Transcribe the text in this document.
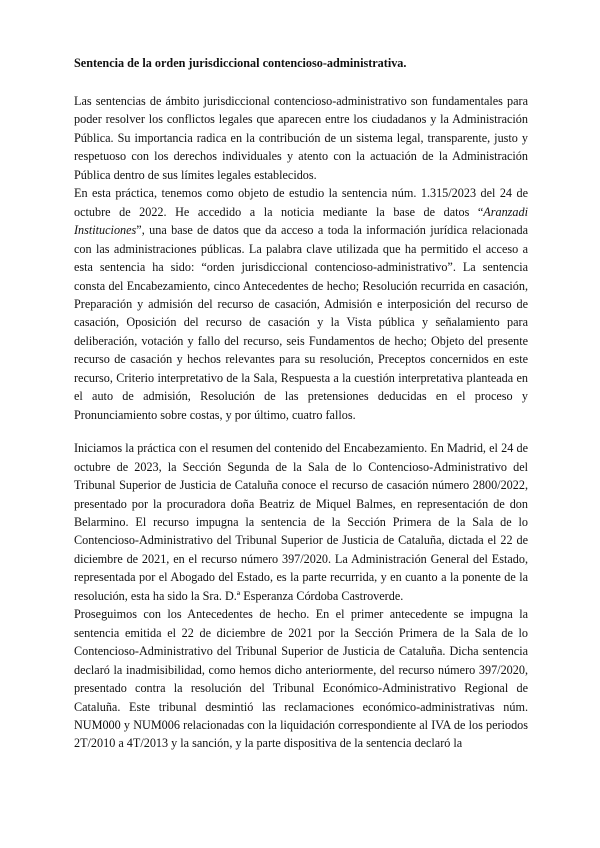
Sentencia de la orden jurisdiccional contencioso-administrativa.

Las sentencias de ámbito jurisdiccional contencioso-administrativo son fundamentales para poder resolver los conflictos legales que aparecen entre los ciudadanos y la Administración Pública. Su importancia radica en la contribución de un sistema legal, transparente, justo y respetuoso con los derechos individuales y atento con la actuación de la Administración Pública dentro de sus límites legales establecidos.

En esta práctica, tenemos como objeto de estudio la sentencia núm. 1.315/2023 del 24 de octubre de 2022. He accedido a la noticia mediante la base de datos “Aranzadi Instituciones”, una base de datos que da acceso a toda la información jurídica relacionada con las administraciones públicas. La palabra clave utilizada que ha permitido el acceso a esta sentencia ha sido: “orden jurisdiccional contencioso-administrativo”. La sentencia consta del Encabezamiento, cinco Antecedentes de hecho; Resolución recurrida en casación, Preparación y admisión del recurso de casación, Admisión e interposición del recurso de casación, Oposición del recurso de casación y la Vista pública y señalamiento para deliberación, votación y fallo del recurso, seis Fundamentos de hecho; Objeto del presente recurso de casación y hechos relevantes para su resolución, Preceptos concernidos en este recurso, Criterio interpretativo de la Sala, Respuesta a la cuestión interpretativa planteada en el auto de admisión, Resolución de las pretensiones deducidas en el proceso y Pronunciamiento sobre costas, y por último, cuatro fallos.

Iniciamos la práctica con el resumen del contenido del Encabezamiento. En Madrid, el 24 de octubre de 2023, la Sección Segunda de la Sala de lo Contencioso-Administrativo del Tribunal Superior de Justicia de Cataluña conoce el recurso de casación número 2800/2022, presentado por la procuradora doña Beatriz de Miquel Balmes, en representación de don Belarmino. El recurso impugna la sentencia de la Sección Primera de la Sala de lo Contencioso-Administrativo del Tribunal Superior de Justicia de Cataluña, dictada el 22 de diciembre de 2021, en el recurso número 397/2020. La Administración General del Estado, representada por el Abogado del Estado, es la parte recurrida, y en cuanto a la ponente de la resolución, esta ha sido la Sra. D.ª Esperanza Córdoba Castroverde.

Proseguimos con los Antecedentes de hecho. En el primer antecedente se impugna la sentencia emitida el 22 de diciembre de 2021 por la Sección Primera de la Sala de lo Contencioso-Administrativo del Tribunal Superior de Justicia de Cataluña. Dicha sentencia declaró la inadmisibilidad, como hemos dicho anteriormente, del recurso número 397/2020, presentado contra la resolución del Tribunal Económico-Administrativo Regional de Cataluña. Este tribunal desmintió las reclamaciones económico-administrativas núm. NUM000 y NUM006 relacionadas con la liquidación correspondiente al IVA de los periodos 2T/2010 a 4T/2013 y la sanción, y la parte dispositiva de la sentencia declaró la
